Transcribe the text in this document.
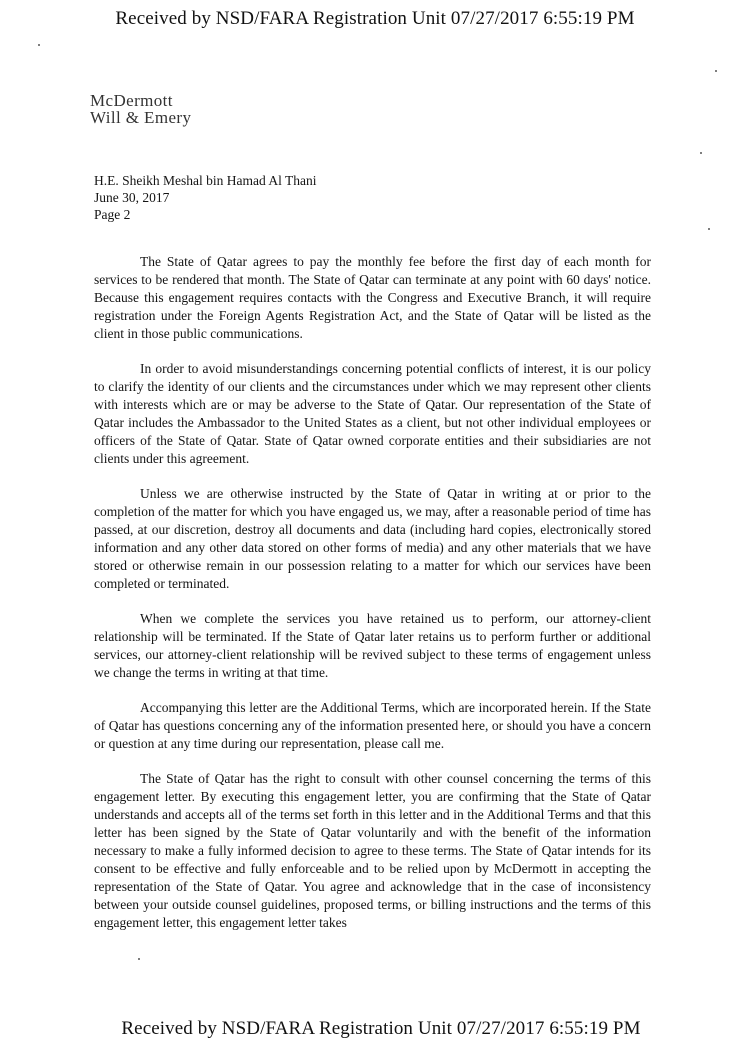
Received by NSD/FARA Registration Unit 07/27/2017 6:55:19 PM
McDermott
Will & Emery
H.E. Sheikh Meshal bin Hamad Al Thani
June 30, 2017
Page 2

The State of Qatar agrees to pay the monthly fee before the first day of each month for services to be rendered that month. The State of Qatar can terminate at any point with 60 days' notice. Because this engagement requires contacts with the Congress and Executive Branch, it will require registration under the Foreign Agents Registration Act, and the State of Qatar will be listed as the client in those public communications.

In order to avoid misunderstandings concerning potential conflicts of interest, it is our policy to clarify the identity of our clients and the circumstances under which we may represent other clients with interests which are or may be adverse to the State of Qatar. Our representation of the State of Qatar includes the Ambassador to the United States as a client, but not other individual employees or officers of the State of Qatar. State of Qatar owned corporate entities and their subsidiaries are not clients under this agreement.

Unless we are otherwise instructed by the State of Qatar in writing at or prior to the completion of the matter for which you have engaged us, we may, after a reasonable period of time has passed, at our discretion, destroy all documents and data (including hard copies, electronically stored information and any other data stored on other forms of media) and any other materials that we have stored or otherwise remain in our possession relating to a matter for which our services have been completed or terminated.

When we complete the services you have retained us to perform, our attorney-client relationship will be terminated. If the State of Qatar later retains us to perform further or additional services, our attorney-client relationship will be revived subject to these terms of engagement unless we change the terms in writing at that time.

Accompanying this letter are the Additional Terms, which are incorporated herein. If the State of Qatar has questions concerning any of the information presented here, or should you have a concern or question at any time during our representation, please call me.

The State of Qatar has the right to consult with other counsel concerning the terms of this engagement letter. By executing this engagement letter, you are confirming that the State of Qatar understands and accepts all of the terms set forth in this letter and in the Additional Terms and that this letter has been signed by the State of Qatar voluntarily and with the benefit of the information necessary to make a fully informed decision to agree to these terms. The State of Qatar intends for its consent to be effective and fully enforceable and to be relied upon by McDermott in accepting the representation of the State of Qatar. You agree and acknowledge that in the case of inconsistency between your outside counsel guidelines, proposed terms, or billing instructions and the terms of this engagement letter, this engagement letter takes

Received by NSD/FARA Registration Unit 07/27/2017 6:55:19 PM
